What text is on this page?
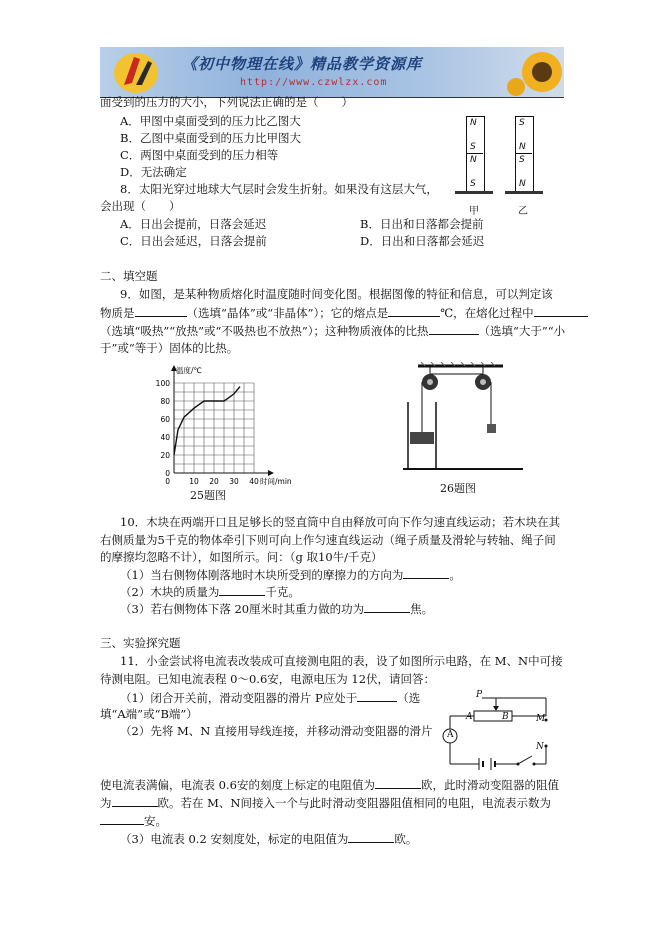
《初中物理在线》精品教学资源库
http://www.czwlzx.com
面受到的压力的大小，下列说法正确的是（　　）
A．甲图中桌面受到的压力比乙图大
B．乙图中桌面受到的压力比甲图大
C．两图中桌面受到的压力相等
D．无法确定
N
S
N
S
S
N
S
N
甲	乙
8．太阳光穿过地球大气层时会发生折射。如果没有这层大气，
会出现（　　）
A．日出会提前，日落会延迟	B．日出和日落都会提前
C．日出会延迟，日落会提前	D．日出和日落都会延迟
二、填空题
9．如图，是某种物质熔化时温度随时间变化图。根据图像的特征和信息，可以判定该
物质是	（选填“晶体”或“非晶体”）；它的熔点是	℃，在熔化过程中
（选填“吸热”“放热”或“不吸热也不放热”）；这种物质液体的比热	（选填“大于”“小
于”或“等于）固体的比热。
0
20
40
60
80
100
10 20 30 40
0
温度/℃
时间/min
25题图
26题图
10．木块在两端开口且足够长的竖直筒中自由释放可向下作匀速直线运动；若木块在其
右侧质量为5千克的物体牵引下则可向上作匀速直线运动（绳子质量及滑轮与转轴、绳子间
的摩擦均忽略不计），如图所示。问：（g 取10牛/千克）
（1）当右侧物体刚落地时木块所受到的摩擦力的方向为	。
（2）木块的质量为	千克。
（3）若右侧物体下落 20厘米时其重力做的功为	焦。
三、实验探究题
11．小金尝试将电流表改装成可直接测电阻的表，设了如图所示电路，在 M、N中可接
待测电阻。已知电流表程 0～0.6安，电源电压为 12伏，请回答：
（1）闭合开关前，滑动变阻器的滑片 P应处于	（选
填“A端”或“B端”）
（2）先将 M、N 直接用导线连接，并移动滑动变阻器的滑片
P
A	B	M
N
A
使电流表满偏，电流表 0.6安的刻度上标定的电阻值为	欧，此时滑动变阻器的阻值
为	欧。若在 M、N间接入一个与此时滑动变阻器阻值相同的电阻，电流表示数为
安。
（3）电流表 0.2 安刻度处，标定的电阻值为	欧。
